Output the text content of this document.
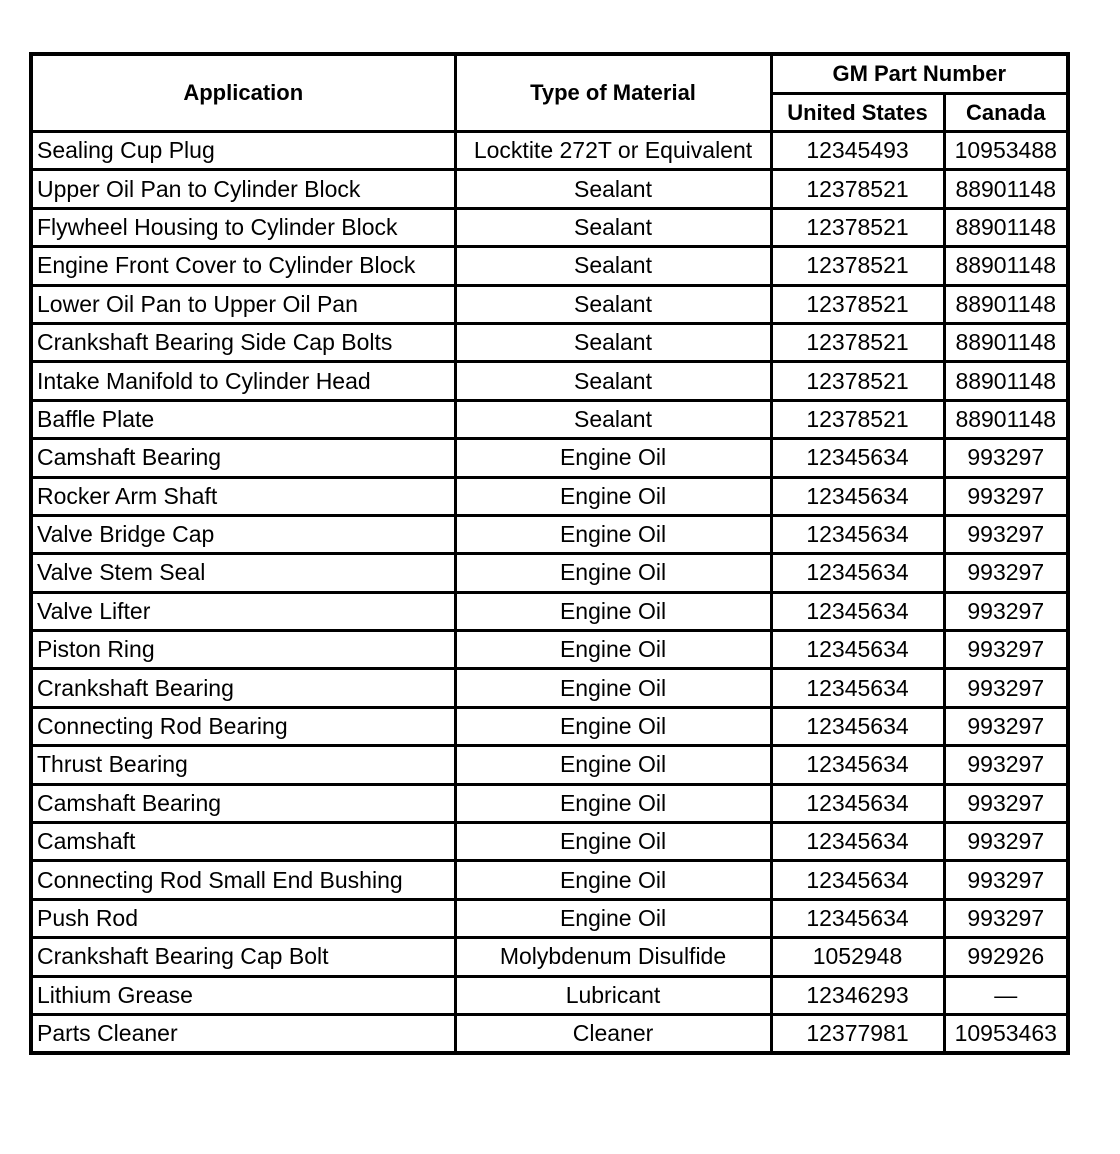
Application	Type of Material	GM Part Number	
		United States	Canada
Sealing Cup Plug	Locktite 272T or Equivalent	12345493	10953488
Upper Oil Pan to Cylinder Block	Sealant	12378521	88901148
Flywheel Housing to Cylinder Block	Sealant	12378521	88901148
Engine Front Cover to Cylinder Block	Sealant	12378521	88901148
Lower Oil Pan to Upper Oil Pan	Sealant	12378521	88901148
Crankshaft Bearing Side Cap Bolts	Sealant	12378521	88901148
Intake Manifold to Cylinder Head	Sealant	12378521	88901148
Baffle Plate	Sealant	12378521	88901148
Camshaft Bearing	Engine Oil	12345634	993297
Rocker Arm Shaft	Engine Oil	12345634	993297
Valve Bridge Cap	Engine Oil	12345634	993297
Valve Stem Seal	Engine Oil	12345634	993297
Valve Lifter	Engine Oil	12345634	993297
Piston Ring	Engine Oil	12345634	993297
Crankshaft Bearing	Engine Oil	12345634	993297
Connecting Rod Bearing	Engine Oil	12345634	993297
Thrust Bearing	Engine Oil	12345634	993297
Camshaft Bearing	Engine Oil	12345634	993297
Camshaft	Engine Oil	12345634	993297
Connecting Rod Small End Bushing	Engine Oil	12345634	993297
Push Rod	Engine Oil	12345634	993297
Crankshaft Bearing Cap Bolt	Molybdenum Disulfide	1052948	992926
Lithium Grease	Lubricant	12346293	—
Parts Cleaner	Cleaner	12377981	10953463
